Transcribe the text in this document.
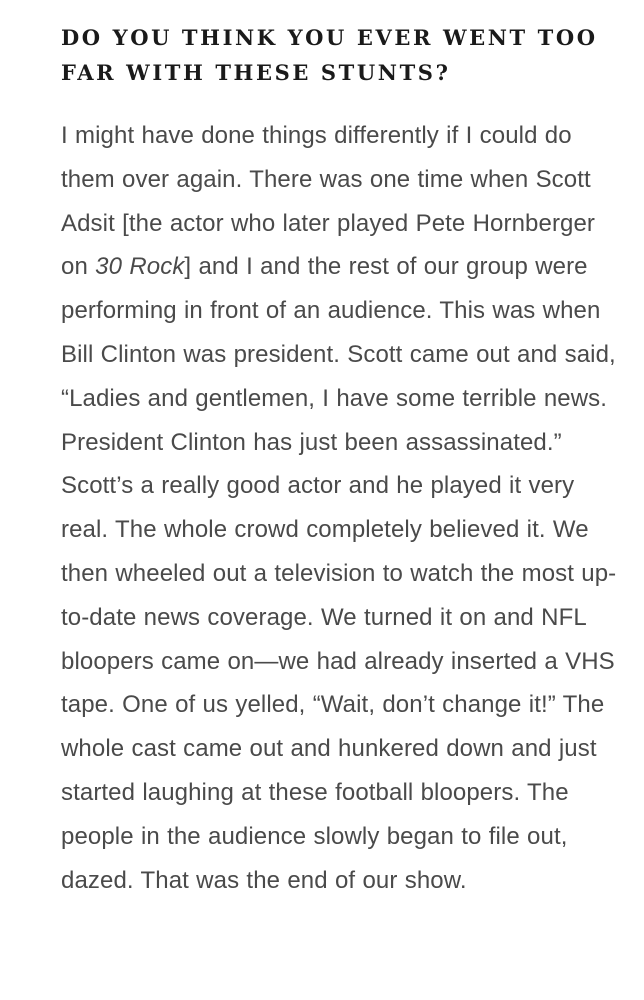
DO YOU THINK YOU EVER WENT TOO FAR WITH THESE STUNTS?

I might have done things differently if I could do them over again. There was one time when Scott Adsit [the actor who later played Pete Hornberger on 30 Rock] and I and the rest of our group were performing in front of an audience. This was when Bill Clinton was president. Scott came out and said, “Ladies and gentlemen, I have some terrible news. President Clinton has just been assassinated.” Scott’s a really good actor and he played it very real. The whole crowd completely believed it. We then wheeled out a television to watch the most up-to-date news coverage. We turned it on and NFL bloopers came on—we had already inserted a VHS tape. One of us yelled, “Wait, don’t change it!” The whole cast came out and hunkered down and just started laughing at these football bloopers. The people in the audience slowly began to file out, dazed. That was the end of our show.
